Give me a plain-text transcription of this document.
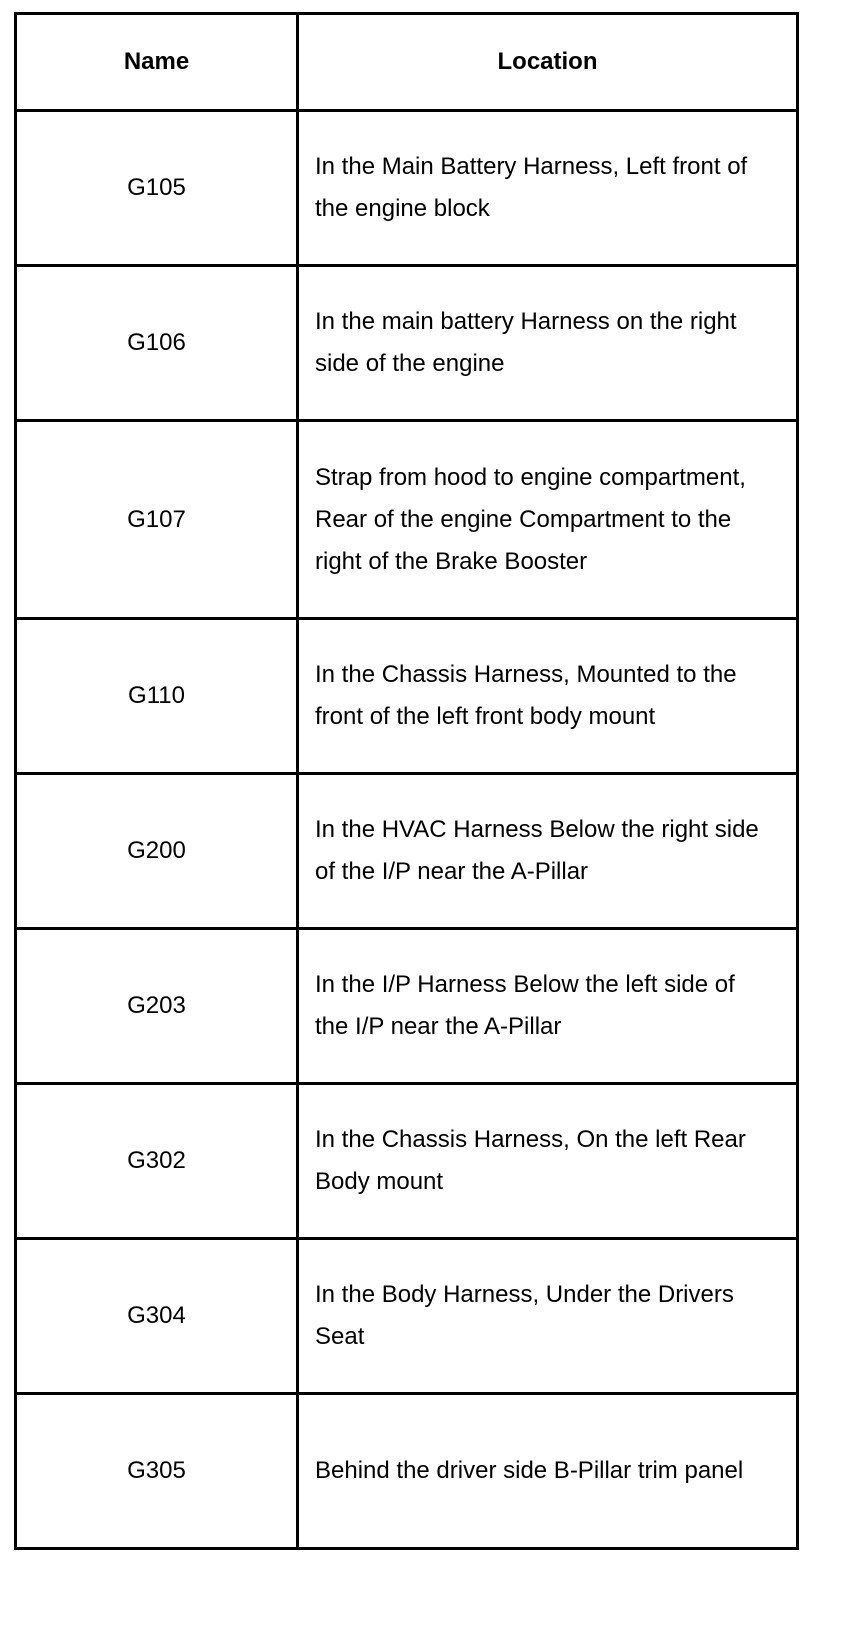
Name	Location
G105	In the Main Battery Harness, Left front of the engine block
G106	In the main battery Harness on the right side of the engine
G107	Strap from hood to engine compartment, Rear of the engine Compartment to the right of the Brake Booster
G110	In the Chassis Harness, Mounted to the front of the left front body mount
G200	In the HVAC Harness Below the right side of the I/P near the A-Pillar
G203	In the I/P Harness Below the left side of the I/P near the A-Pillar
G302	In the Chassis Harness, On the left Rear Body mount
G304	In the Body Harness, Under the Drivers Seat
G305	Behind the driver side B-Pillar trim panel
